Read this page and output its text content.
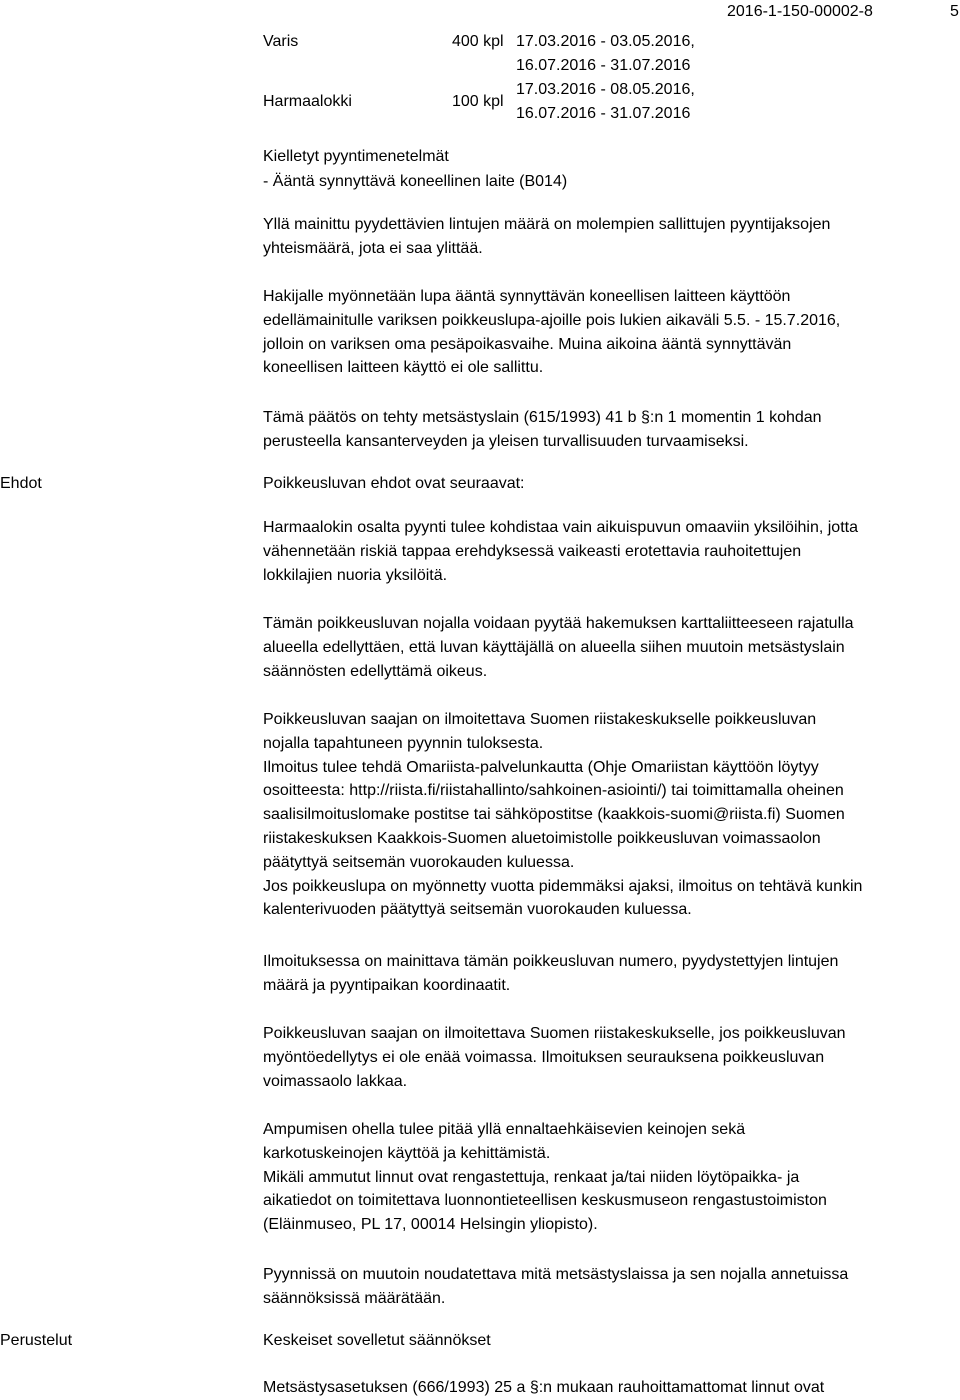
2016-1-150-00002-8	5
Varis	400 kpl 17.03.2016 - 03.05.2016,
16.07.2016 - 31.07.2016
Harmaalokki	100 kpl
17.03.2016 - 08.05.2016,
16.07.2016 - 31.07.2016
Kielletyt pyyntimenetelmät
- Ääntä synnyttävä koneellinen laite (B014)
Yllä mainittu pyydettävien lintujen määrä on molempien sallittujen pyyntijaksojen
yhteismäärä, jota ei saa ylittää.
Hakijalle myönnetään lupa ääntä synnyttävän koneellisen laitteen käyttöön
edellämainitulle variksen poikkeuslupa-ajoille pois lukien aikaväli 5.5. - 15.7.2016,
jolloin on variksen oma pesäpoikasvaihe. Muina aikoina ääntä synnyttävän
koneellisen laitteen käyttö ei ole sallittu.
Tämä päätös on tehty metsästyslain (615/1993) 41 b §:n 1 momentin 1 kohdan
perusteella kansanterveyden ja yleisen turvallisuuden turvaamiseksi.
Ehdot	Poikkeusluvan ehdot ovat seuraavat:
Harmaalokin osalta pyynti tulee kohdistaa vain aikuispuvun omaaviin yksilöihin, jotta
vähennetään riskiä tappaa erehdyksessä vaikeasti erotettavia rauhoitettujen
lokkilajien nuoria yksilöitä.
Tämän poikkeusluvan nojalla voidaan pyytää hakemuksen karttaliitteeseen rajatulla
alueella edellyttäen, että luvan käyttäjällä on alueella siihen muutoin metsästyslain
säännösten edellyttämä oikeus.
Poikkeusluvan saajan on ilmoitettava Suomen riistakeskukselle poikkeusluvan
nojalla tapahtuneen pyynnin tuloksesta.
Ilmoitus tulee tehdä Omariista-palvelunkautta (Ohje Omariistan käyttöön löytyy
osoitteesta: http://riista.fi/riistahallinto/sahkoinen-asiointi/) tai toimittamalla oheinen
saalisilmoituslomake postitse tai sähköpostitse (kaakkois-suomi@riista.fi) Suomen
riistakeskuksen Kaakkois-Suomen aluetoimistolle poikkeusluvan voimassaolon
päätyttyä seitsemän vuorokauden kuluessa.
Jos poikkeuslupa on myönnetty vuotta pidemmäksi ajaksi, ilmoitus on tehtävä kunkin
kalenterivuoden päätyttyä seitsemän vuorokauden kuluessa.
Ilmoituksessa on mainittava tämän poikkeusluvan numero, pyydystettyjen lintujen
määrä ja pyyntipaikan koordinaatit.
Poikkeusluvan saajan on ilmoitettava Suomen riistakeskukselle, jos poikkeusluvan
myöntöedellytys ei ole enää voimassa. Ilmoituksen seurauksena poikkeusluvan
voimassaolo lakkaa.
Ampumisen ohella tulee pitää yllä ennaltaehkäisevien keinojen sekä
karkotuskeinojen käyttöä ja kehittämistä.
Mikäli ammutut linnut ovat rengastettuja, renkaat ja/tai niiden löytöpaikka- ja
aikatiedot on toimitettava luonnontieteellisen keskusmuseon rengastustoimiston
(Eläinmuseo, PL 17, 00014 Helsingin yliopisto).
Pyynnissä on muutoin noudatettava mitä metsästyslaissa ja sen nojalla annetuissa
säännöksissä määrätään.
Perustelut	Keskeiset sovelletut säännökset
Metsästysasetuksen (666/1993) 25 a §:n mukaan rauhoittamattomat linnut ovat
